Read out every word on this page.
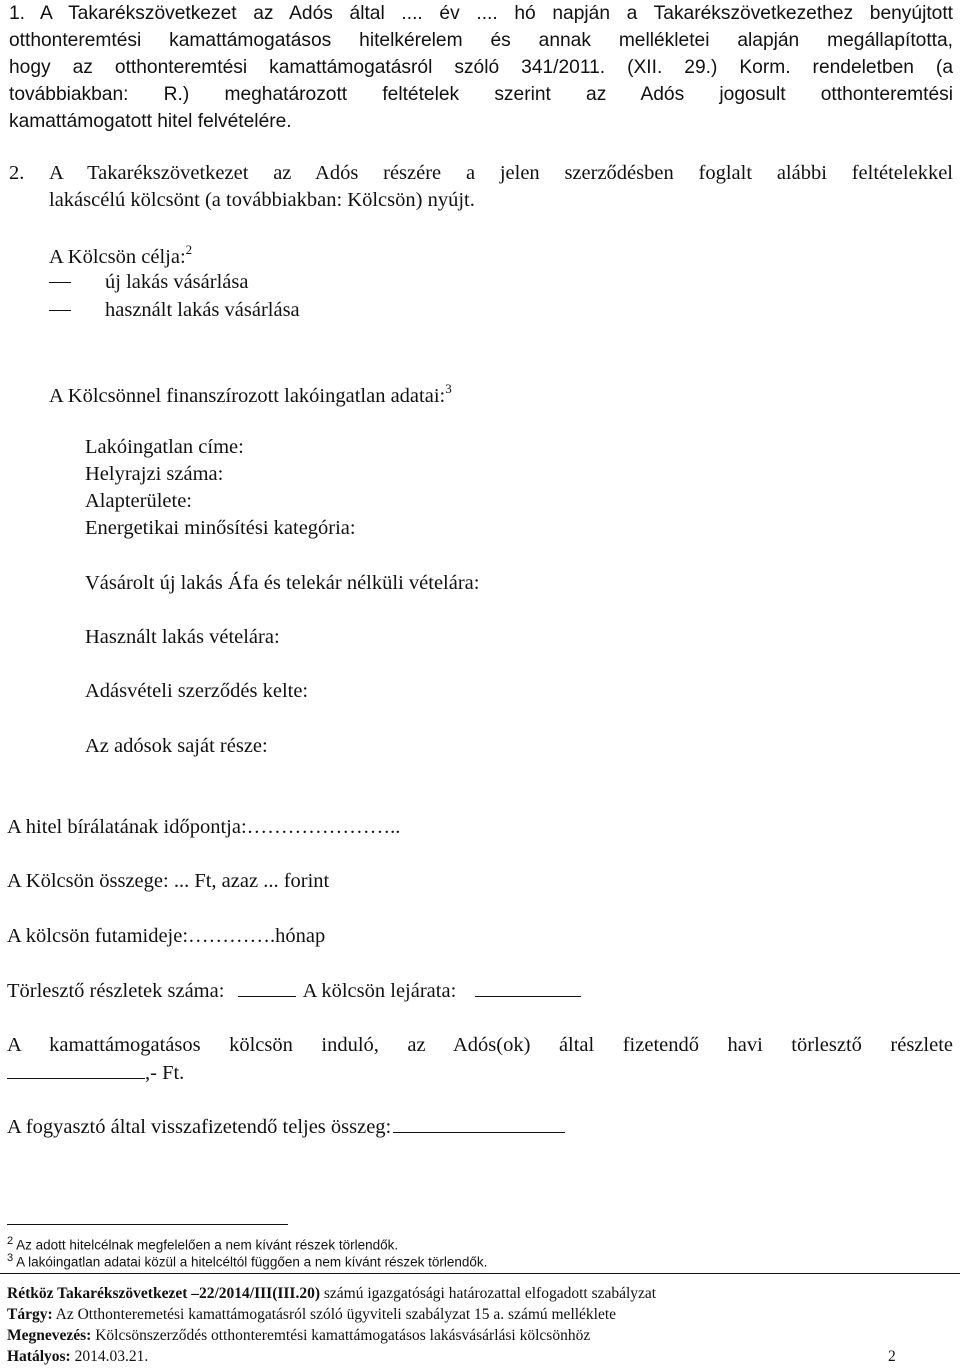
1. A Takarékszövetkezet az Adós által .... év .... hó napján a Takarékszövetkezethez benyújtott
otthonteremtési kamattámogatásos hitelkérelem és annak mellékletei alapján megállapította,
hogy az otthonteremtési kamattámogatásról szóló 341/2011. (XII. 29.) Korm. rendeletben (a
továbbiakban: R.) meghatározott feltételek szerint az Adós jogosult otthonteremtési
kamattámogatott hitel felvételére.
2. A Takarékszövetkezet az Adós részére a jelen szerződésben foglalt alábbi feltételekkel
lakáscélú kölcsönt (a továbbiakban: Kölcsön) nyújt.
A Kölcsön célja:$^2$
új lakás vásárlása
használt lakás vásárlása
A Kölcsönnel finanszírozott lakóingatlan adatai:$^3$
Lakóingatlan címe:
Helyrajzi száma:
Alapterülete:
Energetikai minősítési kategória:
Vásárolt új lakás Áfa és telekár nélküli vételára:
Használt lakás vételára:
Adásvételi szerződés kelte:
Az adósok saját része:
A hitel bírálatának időpontja:…………………..
A Kölcsön összege: ... Ft, azaz ... forint
A kölcsön futamideje:………….hónap
Törlesztő részletek száma:	A kölcsön lejárata:
A kamattámogatásos kölcsön induló, az Adós(ok) által fizetendő havi törlesztő részlete
,- Ft.
A fogyasztó által visszafizetendő teljes összeg:
$^2$ Az adott hitelcélnak megfelelően a nem kívánt részek törlendők.
$^3$ A lakóingatlan adatai közül a hitelcéltól függően a nem kívánt részek törlendők.
Rétköz Takarékszövetkezet –22/2014/III(III.20) számú igazgatósági határozattal elfogadott szabályzat
Tárgy: Az Otthonteremetési kamattámogatásról szóló ügyviteli szabályzat 15 a. számú melléklete
Megnevezés: Kölcsönszerződés otthonteremtési kamattámogatásos lakásvásárlási kölcsönhöz
Hatályos: 2014.03.21.	2
